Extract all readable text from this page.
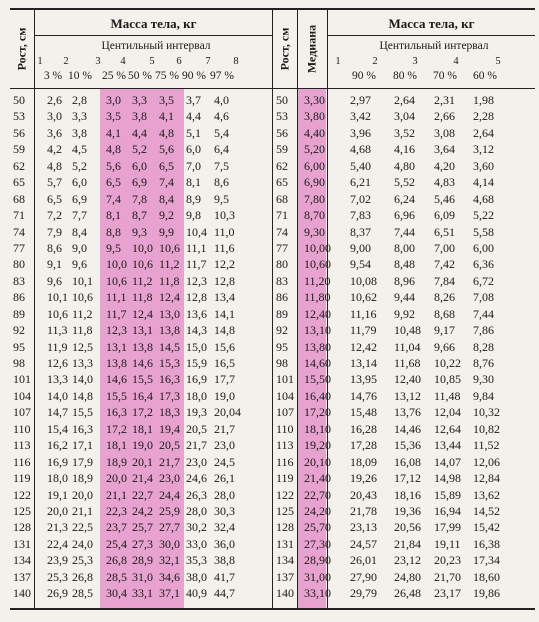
Рост, см
Масса тела, кг
Центильный интервал
1 2	3 4 5 6 7 8
3 % 10 % 25 % 50 % 75 % 90 % 97 %
50 2,6 2,8 3,0 3,3 3,5 3,7 4,0
53 3,0 3,3 3,5 3,8 4,1 4,4 4,6
56 3,6 3,8 4,1 4,4 4,8 5,1 5,4
59 4,2 4,5 4,8 5,2 5,6 6,0 6,4
62 4,8 5,2 5,6 6,0 6,5 7,0 7,5
65 5,7 6,0 6,5 6,9 7,4 8,1 8,6
68 6,5 6,9 7,4 7,8 8,4 8,9 9,5
71 7,2 7,7 8,1 8,7 9,2 9,8 10,3
74 7,9 8,4 8,8 9,3 9,9 10,4 11,0
77 8,6 9,0 9,5 10,0 10,6 11,1 11,6
80 9,1 9,6 10,0 10,6 11,2 11,7 12,2
83 9,6 10,1 10,6 11,2 11,8 12,3 12,8
86 10,1 10,6 11,1 11,8 12,4 12,8 13,4
89 10,6 11,2 11,7 12,4 13,0 13,6 14,1
92 11,3 11,8 12,3 13,1 13,8 14,3 14,8
95 11,9 12,5 13,1 13,8 14,5 15,0 15,6
98 12,6 13,3 13,8 14,6 15,3 15,9 16,5
101 13,3 14,0 14,6 15,5 16,3 16,9 17,7
104 14,0 14,8 15,5 16,4 17,3 18,0 19,0
107 14,7 15,5 16,3 17,2 18,3 19,3 20,04
110 15,4 16,3 17,2 18,1 19,4 20,5 21,7
113 16,2 17,1 18,1 19,0 20,5 21,7 23,0
116 16,9 17,9 18,9 20,1 21,7 23,0 24,5
119 18,0 18,9 20,0 21,4 23,0 24,6 26,1
122 19,1 20,0 21,1 22,7 24,4 26,3 28,0
125 20,0 21,1 22,3 24,2 25,9 28,0 30,3
128 21,3 22,5 23,7 25,7 27,7 30,2 32,4
131 22,4 24,0 25,4 27,3 30,0 33,0 36,0
134 23,9 25,3 26,8 28,9 32,1 35,3 38,8
137 25,3 26,8 28,5 31,0 34,6 38,0 41,7
140 26,9 28,5 30,4 33,1 37,1 40,9 44,7
Рост, см Медиана
Масса тела, кг
Центильный интервал
1	2	3	4	5
90 % 80 % 70 % 60 %
50 3,30 2,97 2,64 2,31 1,98
53 3,80 3,42 3,04 2,66 2,28
56 4,40 3,96 3,52 3,08 2,64
59 5,20 4,68 4,16 3,64 3,12
62 6,00 5,40 4,80 4,20 3,60
65 6,90 6,21 5,52 4,83 4,14
68 7,80 7,02 6,24 5,46 4,68
71 8,70 7,83 6,96 6,09 5,22
74 9,30 8,37 7,44 6,51 5,58
77 10,00 9,00 8,00 7,00 6,00
80 10,60 9,54 8,48 7,42 6,36
83 11,20 10,08 8,96 7,84 6,72
86 11,80 10,62 9,44 8,26 7,08
89 12,40 11,16 9,92 8,68 7,44
92 13,10 11,79 10,48 9,17 7,86
95 13,80 12,42 11,04 9,66 8,28
98 14,60 13,14 11,68 10,22 8,76
101 15,50 13,95 12,40 10,85 9,30
104 16,40 14,76 13,12 11,48 9,84
107 17,20 15,48 13,76 12,04 10,32
110 18,10 16,28 14,46 12,64 10,82
113 19,20 17,28 15,36 13,44 11,52
116 20,10 18,09 16,08 14,07 12,06
119 21,40 19,26 17,12 14,98 12,84
122 22,70 20,43 18,16 15,89 13,62
125 24,20 21,78 19,36 16,94 14,52
128 25,70 23,13 20,56 17,99 15,42
131 27,30 24,57 21,84 19,11 16,38
134 28,90 26,01 23,12 20,23 17,34
137 31,00 27,90 24,80 21,70 18,60
140 33,10 29,79 26,48 23,17 19,86
